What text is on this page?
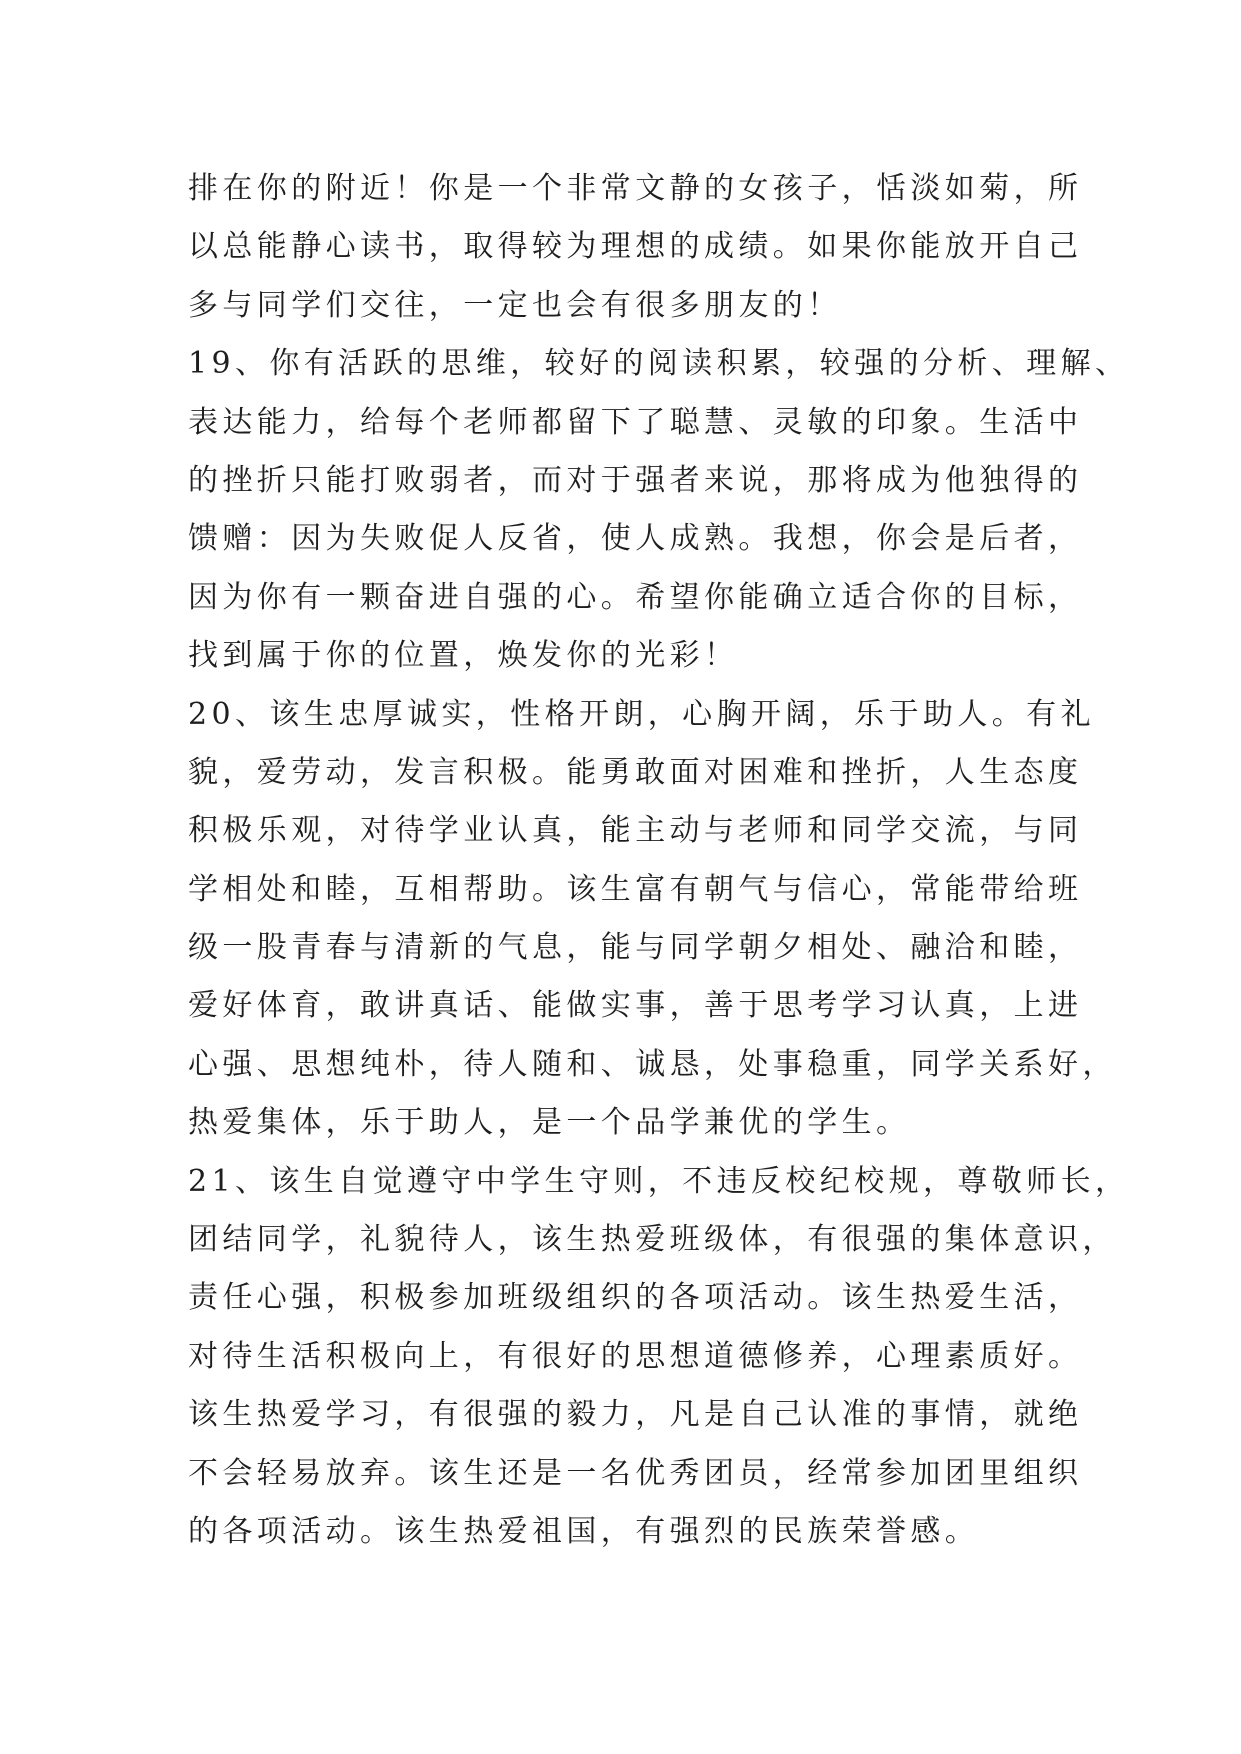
排在你的附近！你是一个非常文静的女孩子，恬淡如菊，所
以总能静心读书，取得较为理想的成绩。如果你能放开自己
多与同学们交往，一定也会有很多朋友的！
19、你有活跃的思维，较好的阅读积累，较强的分析、理解、
表达能力，给每个老师都留下了聪慧、灵敏的印象。生活中
的挫折只能打败弱者，而对于强者来说，那将成为他独得的
馈赠：因为失败促人反省，使人成熟。我想，你会是后者，
因为你有一颗奋进自强的心。希望你能确立适合你的目标，
找到属于你的位置，焕发你的光彩！
20、该生忠厚诚实，性格开朗，心胸开阔，乐于助人。有礼
貌，爱劳动，发言积极。能勇敢面对困难和挫折，人生态度
积极乐观，对待学业认真，能主动与老师和同学交流，与同
学相处和睦，互相帮助。该生富有朝气与信心，常能带给班
级一股青春与清新的气息，能与同学朝夕相处、融洽和睦，
爱好体育，敢讲真话、能做实事，善于思考学习认真，上进
心强、思想纯朴，待人随和、诚恳，处事稳重，同学关系好，
热爱集体，乐于助人，是一个品学兼优的学生。
21、该生自觉遵守中学生守则，不违反校纪校规，尊敬师长，
团结同学，礼貌待人，该生热爱班级体，有很强的集体意识，
责任心强，积极参加班级组织的各项活动。该生热爱生活，
对待生活积极向上，有很好的思想道德修养，心理素质好。
该生热爱学习，有很强的毅力，凡是自己认准的事情，就绝
不会轻易放弃。该生还是一名优秀团员，经常参加团里组织
的各项活动。该生热爱祖国，有强烈的民族荣誉感。
